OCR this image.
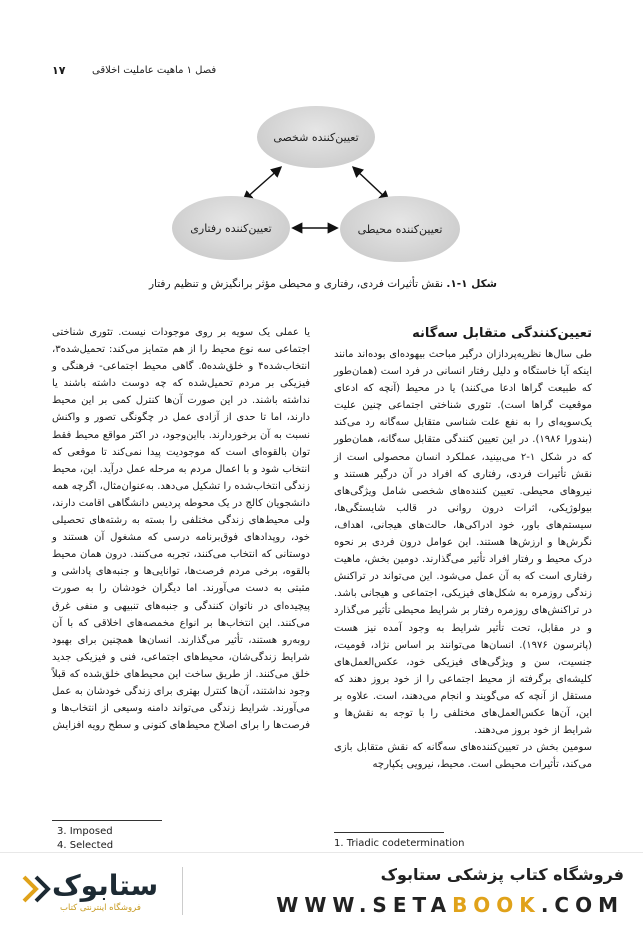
۱۷	فصل ۱ ماهیت عاملیت اخلاقی
تعیین‌کننده شخصی
تعیین‌کننده رفتاری	تعیین‌کننده محیطی
شکل ۱-۱. نقش تأثیرات فردی، رفتاری و محیطی مؤثر برانگیزش و تنظیم رفتار
تعیین‌کنندگی متقابل سه‌گانه

طی سال‌ها نظریه‌پردازان درگیر مباحث بیهوده‌ای بوده‌اند مانند اینکه آیا خاستگاه و دلیل رفتار انسانی در فرد است (همان‌طور که طبیعت گراها ادعا می‌کنند) یا در محیط (آنچه که ادعای موقعیت گراها است). تئوری شناختی اجتماعی چنین علیت یک‌سویه‌ای را به نفع علت شناسی متقابل سه‌گانه رد می‌کند (بندورا ۱۹۸۶). در این تعیین کنندگی متقابل سه‌گانه، همان‌طور که در شکل ۱-۲ می‌بینید، عملکرد انسان محصولی است از نقش تأثیرات فردی، رفتاری که افراد در آن درگیر هستند و نیروهای محیطی. تعیین کننده‌های شخصی شامل ویژگی‌های بیولوژیکی، اثرات درون روانی در قالب شایستگی‌ها، سیستم‌های باور، خود ادراکی‌ها، حالت‌های هیجانی، اهداف، نگرش‌ها و ارزش‌ها هستند. این عوامل درون فردی بر نحوه درک محیط و رفتار افراد تأثیر می‌گذارند. دومین بخش، ماهیت رفتاری است که به آن عمل می‌شود. این می‌تواند در تراکنش زندگی روزمره به شکل‌های فیزیکی، اجتماعی و هیجانی باشد. در تراکنش‌های روزمره رفتار بر شرایط محیطی تأثیر می‌گذارد و در مقابل، تحت تأثیر شرایط به وجود آمده نیز هست (پاترسون ۱۹۷۶). انسان‌ها می‌توانند بر اساس نژاد، قومیت، جنسیت، سن و ویژگی‌های فیزیکی خود، عکس‌العمل‌های کلیشه‌ای برگرفته از محیط اجتماعی را از خود بروز دهند که مستقل از آنچه که می‌گویند و انجام می‌دهند، است. علاوه بر این، آن‌ها عکس‌العمل‌های مختلفی را با توجه به نقش‌ها و شرایط از خود بروز می‌دهند.

سومین بخش در تعیین‌کننده‌های سه‌گانه که نقش متقابل بازی می‌کند، تأثیرات محیطی است. محیط، نیرویی یکپارچه

یا عملی یک سویه بر روی موجودات نیست. تئوری شناختی اجتماعی سه نوع محیط را از هم متمایز می‌کند: تحمیل‌شده۳، انتخاب‌شده۴ و خلق‌شده۵. گاهی محیط اجتماعی- فرهنگی و فیزیکی بر مردم تحمیل‌شده که چه دوست داشته باشند یا نداشته باشند. در این صورت آن‌ها کنترل کمی بر این محیط دارند، اما تا حدی از آزادی عمل در چگونگی تصور و واکنش نسبت به آن برخوردارند. بااین‌وجود، در اکثر مواقع محیط فقط توان بالقوه‌ای است که موجودیت پیدا نمی‌کند تا موقعی که انتخاب شود و با اعمال مردم به مرحله عمل درآید. این، محیط زندگی انتخاب‌شده را تشکیل می‌دهد. به‌عنوان‌مثال، اگرچه همه دانشجویان کالج در یک محوطه پردیس دانشگاهی اقامت دارند، ولی محیط‌های زندگی مختلفی را بسته به رشته‌های تحصیلی خود، روپدادهای فوق‌برنامه درسی که مشغول آن هستند و دوستانی که انتخاب می‌کنند، تجربه می‌کنند. درون همان محیط بالقوه، برخی مردم فرصت‌ها، توانایی‌ها و جنبه‌های پاداشی و مثبتی به دست می‌آورند. اما دیگران خودشان را به صورت پیچیده‌ای در ناتوان کنندگی و جنبه‌های تنبیهی و منفی غرق می‌کنند. این انتخاب‌ها بر انواع مخمصه‌های اخلاقی که با آن روبه‌رو هستند، تأثیر می‌گذارند. انسان‌ها همچنین برای بهبود شرایط زندگی‌شان، محیط‌های اجتماعی، فنی و فیزیکی جدید خلق می‌کنند. از طریق ساخت این محیط‌های خلق‌شده که قبلاً وجود نداشتند، آن‌ها کنترل بهتری برای زندگی خودشان به عمل می‌آورند. شرایط زندگی می‌تواند دامنه وسیعی از انتخاب‌ها و فرصت‌ها را برای اصلاح محیط‌های کنونی و سطح رویه افزایش

3. Imposed
4. Selected	1. Triadic codetermination
ستابوک
فروشگاه اینترنتی کتاب
فروشگاه کتاب پزشکی ستابوک
WWW.SETABOOK.COM
